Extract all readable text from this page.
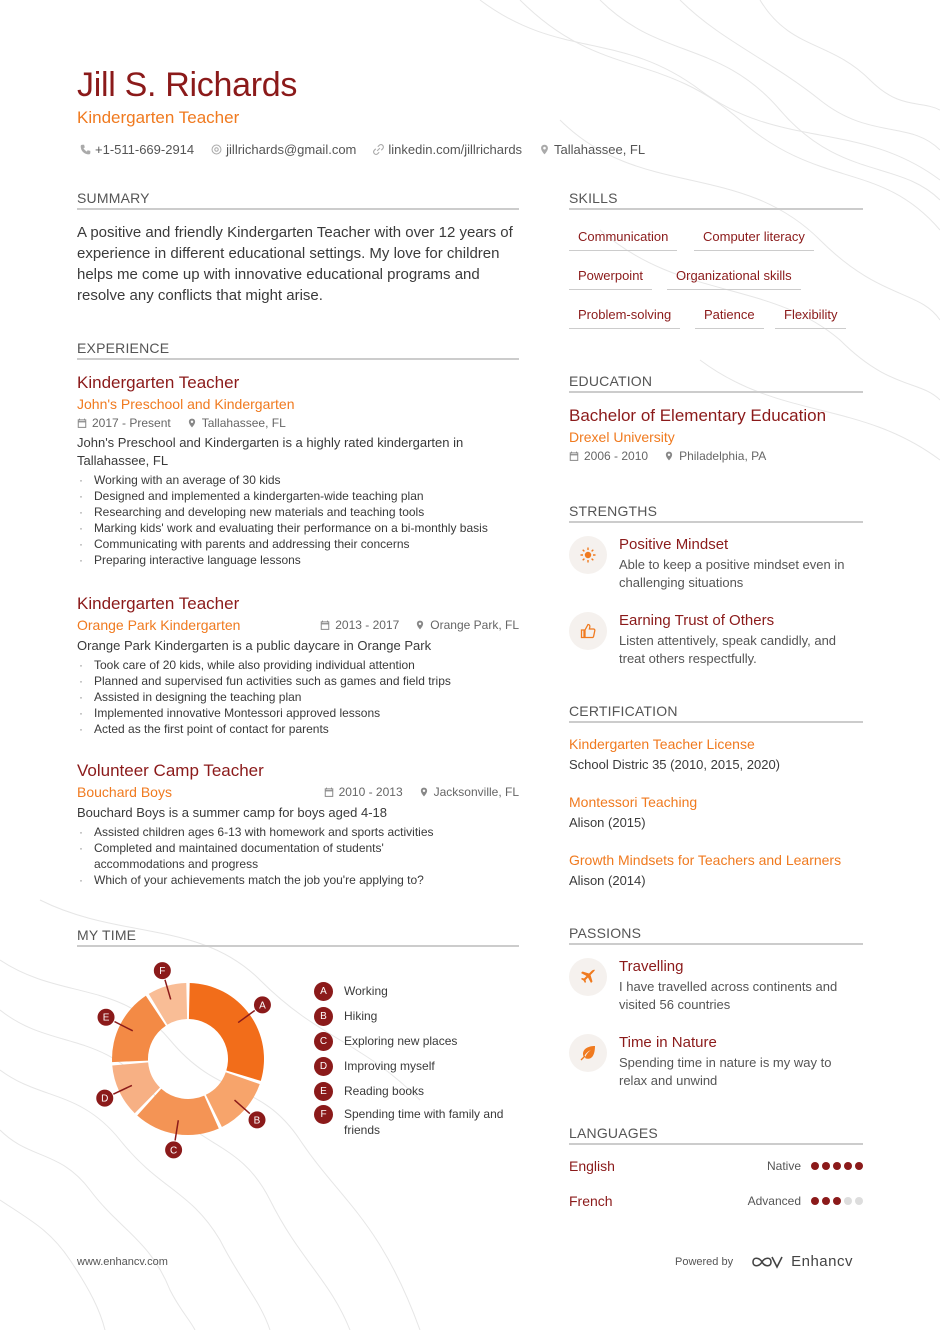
Jill S. Richards
Kindergarten Teacher
+1-511-669-2914 jillrichards@gmail.com linkedin.com/jillrichards Tallahassee, FL
SUMMARY
A positive and friendly Kindergarten Teacher with over 12 years of experience in different educational settings. My love for children helps me come up with innovative educational programs and resolve any conflicts that might arise.
EXPERIENCE
Kindergarten Teacher
John's Preschool and Kindergarten
2017 - Present	Tallahassee, FL
John's Preschool and Kindergarten is a highly rated kindergarten in Tallahassee, FL
· Working with an average of 30 kids
· Designed and implemented a kindergarten-wide teaching plan
· Researching and developing new materials and teaching tools
· Marking kids' work and evaluating their performance on a bi-monthly basis
· Communicating with parents and addressing their concerns
· Preparing interactive language lessons
Kindergarten Teacher
Orange Park Kindergarten	2013 - 2017	Orange Park, FL
Orange Park Kindergarten is a public daycare in Orange Park
· Took care of 20 kids, while also providing individual attention
· Planned and supervised fun activities such as games and field trips
· Assisted in designing the teaching plan
· Implemented innovative Montessori approved lessons
· Acted as the first point of contact for parents
Volunteer Camp Teacher
Bouchard Boys	2010 - 2013	Jacksonville, FL
Bouchard Boys is a summer camp for boys aged 4-18
· Assisted children ages 6-13 with homework and sports activities
· Completed and maintained documentation of students' accommodations and progress
· Which of your achievements match the job you're applying to?
MY TIME
A
B
C
D
E
F
A	Working
B	Hiking
C	Exploring new places
D	Improving myself
E	Reading books
F	Spending time with family and friends
SKILLS
Communication	Computer literacy
Powerpoint	Organizational skills
Problem-solving	Patience	Flexibility
EDUCATION
Bachelor of Elementary Education
Drexel University
2006 - 2010	Philadelphia, PA
STRENGTHS
Positive Mindset
Able to keep a positive mindset even in challenging situations
Earning Trust of Others
Listen attentively, speak candidly, and treat others respectfully.
CERTIFICATION
Kindergarten Teacher License
School Distric 35 (2010, 2015, 2020)
Montessori Teaching
Alison (2015)
Growth Mindsets for Teachers and Learners
Alison (2014)
PASSIONS
Travelling
I have travelled across continents and visited 56 countries
Time in Nature
Spending time in nature is my way to relax and unwind
LANGUAGES
English	Native
French	Advanced
www.enhancv.com	Powered by	Enhancv
